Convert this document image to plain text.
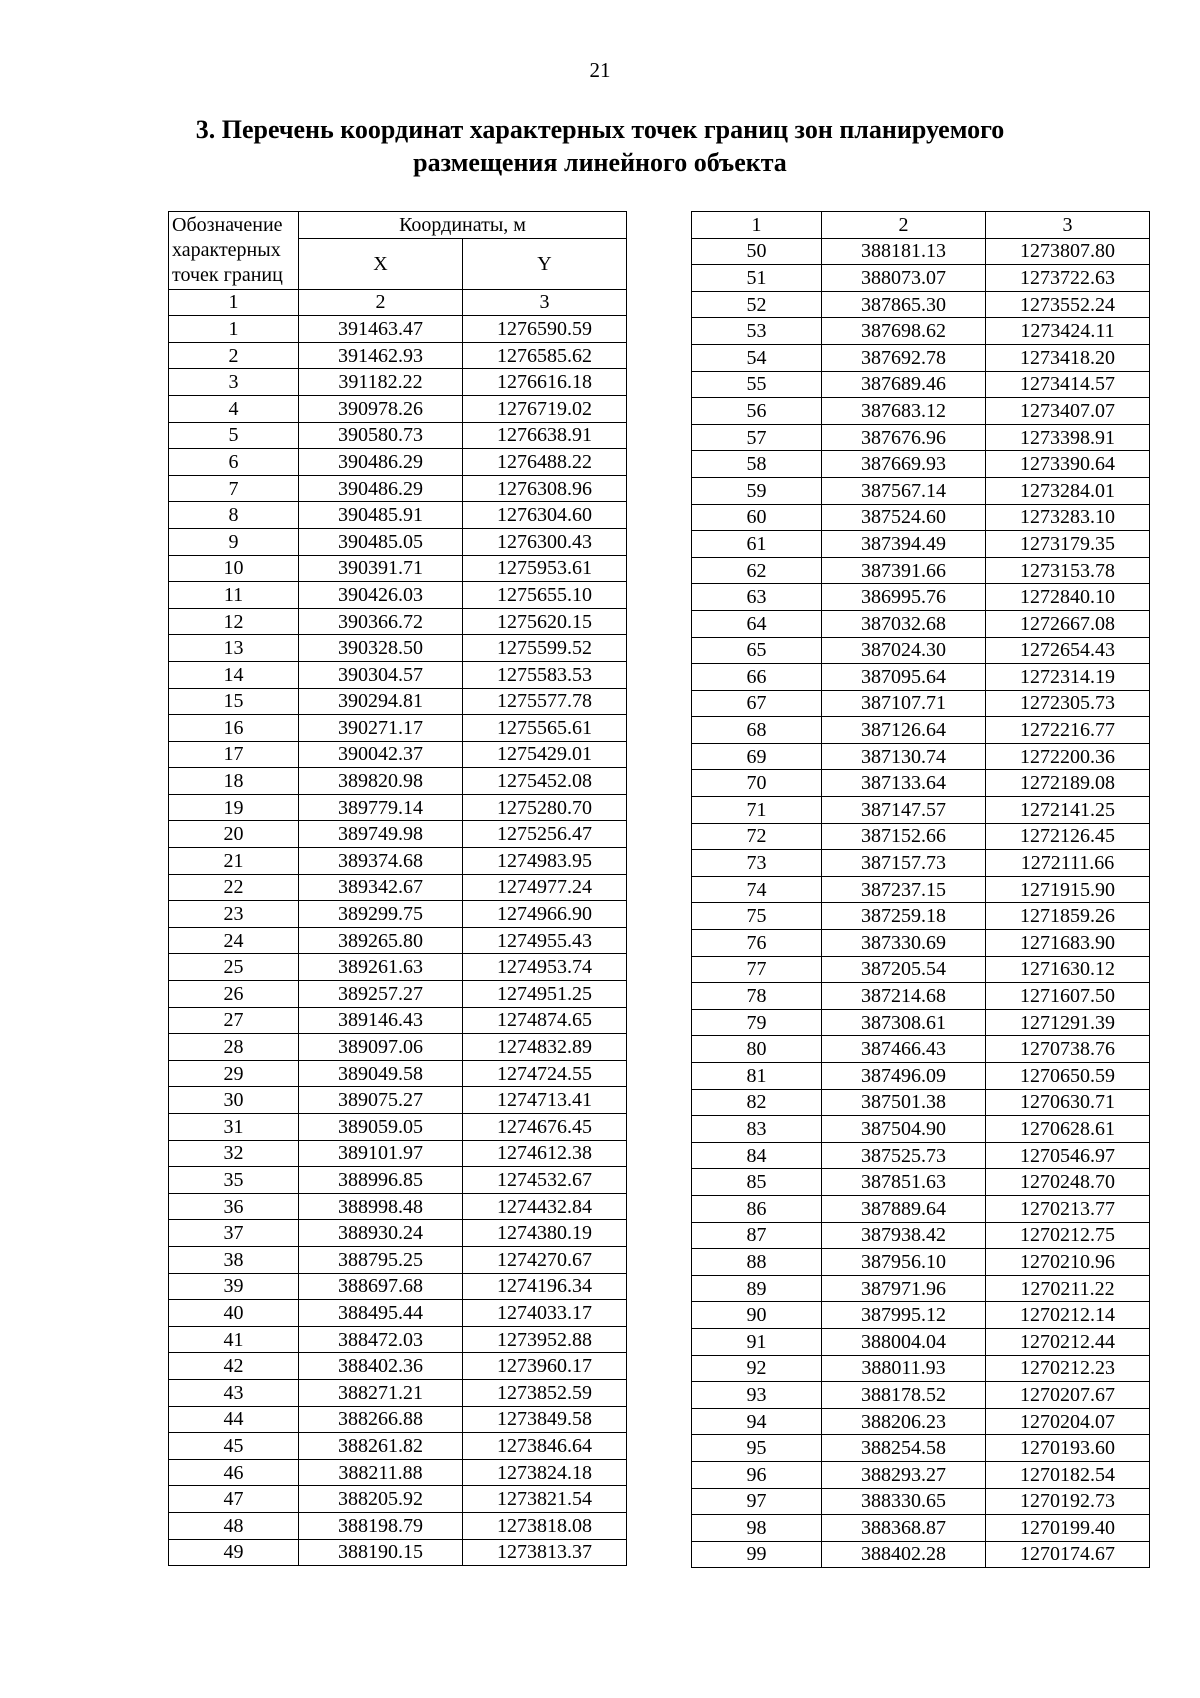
21
3. Перечень координат характерных точек границ зон планируемого
размещения линейного объекта
Обозначение характерных точек границ	Координаты, м	
	X	Y
1	2	3
1	391463.47	1276590.59
2	391462.93	1276585.62
3	391182.22	1276616.18
4	390978.26	1276719.02
5	390580.73	1276638.91
6	390486.29	1276488.22
7	390486.29	1276308.96
8	390485.91	1276304.60
9	390485.05	1276300.43
10	390391.71	1275953.61
11	390426.03	1275655.10
12	390366.72	1275620.15
13	390328.50	1275599.52
14	390304.57	1275583.53
15	390294.81	1275577.78
16	390271.17	1275565.61
17	390042.37	1275429.01
18	389820.98	1275452.08
19	389779.14	1275280.70
20	389749.98	1275256.47
21	389374.68	1274983.95
22	389342.67	1274977.24
23	389299.75	1274966.90
24	389265.80	1274955.43
25	389261.63	1274953.74
26	389257.27	1274951.25
27	389146.43	1274874.65
28	389097.06	1274832.89
29	389049.58	1274724.55
30	389075.27	1274713.41
31	389059.05	1274676.45
32	389101.97	1274612.38
35	388996.85	1274532.67
36	388998.48	1274432.84
37	388930.24	1274380.19
38	388795.25	1274270.67
39	388697.68	1274196.34
40	388495.44	1274033.17
41	388472.03	1273952.88
42	388402.36	1273960.17
43	388271.21	1273852.59
44	388266.88	1273849.58
45	388261.82	1273846.64
46	388211.88	1273824.18
47	388205.92	1273821.54
48	388198.79	1273818.08
49	388190.15	1273813.37
1	2	3
50	388181.13	1273807.80
51	388073.07	1273722.63
52	387865.30	1273552.24
53	387698.62	1273424.11
54	387692.78	1273418.20
55	387689.46	1273414.57
56	387683.12	1273407.07
57	387676.96	1273398.91
58	387669.93	1273390.64
59	387567.14	1273284.01
60	387524.60	1273283.10
61	387394.49	1273179.35
62	387391.66	1273153.78
63	386995.76	1272840.10
64	387032.68	1272667.08
65	387024.30	1272654.43
66	387095.64	1272314.19
67	387107.71	1272305.73
68	387126.64	1272216.77
69	387130.74	1272200.36
70	387133.64	1272189.08
71	387147.57	1272141.25
72	387152.66	1272126.45
73	387157.73	1272111.66
74	387237.15	1271915.90
75	387259.18	1271859.26
76	387330.69	1271683.90
77	387205.54	1271630.12
78	387214.68	1271607.50
79	387308.61	1271291.39
80	387466.43	1270738.76
81	387496.09	1270650.59
82	387501.38	1270630.71
83	387504.90	1270628.61
84	387525.73	1270546.97
85	387851.63	1270248.70
86	387889.64	1270213.77
87	387938.42	1270212.75
88	387956.10	1270210.96
89	387971.96	1270211.22
90	387995.12	1270212.14
91	388004.04	1270212.44
92	388011.93	1270212.23
93	388178.52	1270207.67
94	388206.23	1270204.07
95	388254.58	1270193.60
96	388293.27	1270182.54
97	388330.65	1270192.73
98	388368.87	1270199.40
99	388402.28	1270174.67
